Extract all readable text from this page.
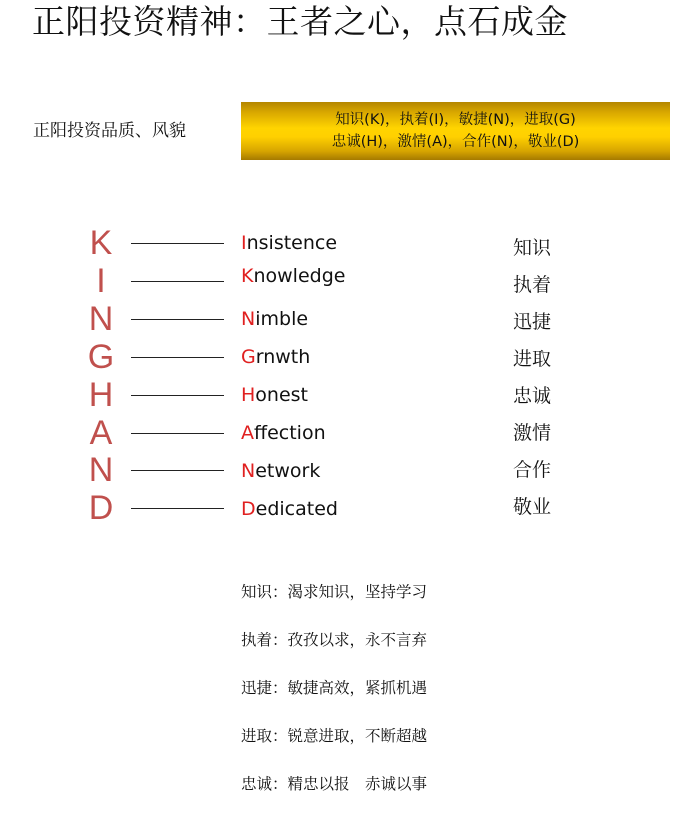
正阳投资精神：王者之心，点石成金
正阳投资品质、风貌
知识(K)，执着(I)，敏捷(N)，进取(G)
忠诚(H)，激情(A)，合作(N)，敬业(D)
K	Insistence	知识
I	Knowledge	执着
N	Nimble	迅捷
G	Grnwth	进取
H	Honest	忠诚
A	Affection	激情
N	Network	合作
D	Dedicated	敬业
知识：渴求知识，坚持学习
执着：孜孜以求，永不言弃
迅捷：敏捷高效，紧抓机遇
进取：锐意进取，不断超越
忠诚：精忠以报　赤诚以事
